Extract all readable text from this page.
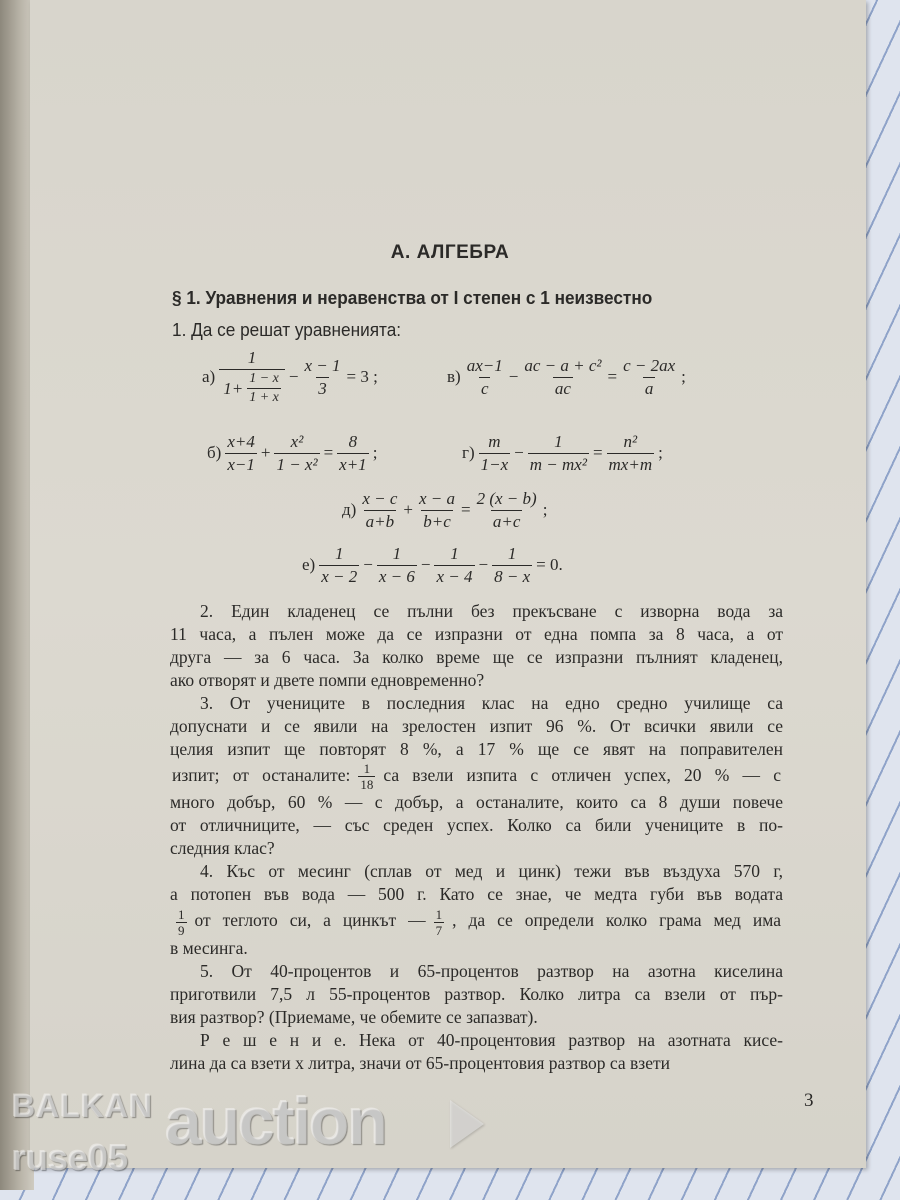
А. АЛГЕБРА
§ 1. Уравнения и неравенства от I степен с 1 неизвестно
1. Да се решат уравненията:
$a) \frac{1}{1+ \frac{1 - x}{1 + x}} - \frac{x - 1}{3} = 3$ ;	$в) \frac{ax-1}{c} - \frac{\text{ac − a + c²}}{ac} = \frac{c - 2ax}{a}$ ;
$б) \frac{x+4}{x-1} + \frac{\text{x²}}{\text{1 − x²}} = \frac{8}{x+1}$ ;	$г) \frac{m}{1-x} - \frac{1}{\text{m − mx²}} = \frac{\text{n²}}{mx+m}$ ;
$д) \frac{x - c}{a+b} + \frac{x - a}{b+c} = \frac{2 (x - b)}{a+c}$ ;
$е) \frac{1}{x - 2} - \frac{1}{x - 6} - \frac{1}{x - 4} - \frac{1}{8 - x} = 0$.
2. Един кладенец се пълни без прекъсване с изворна вода за
11 часа, а пълен може да се изпразни от една помпа за 8 часа, а от
друга — за 6 часа. За колко време ще се изпразни пълният кладенец,
ако отворят и двете помпи едновременно?
3. От учениците в последния клас на едно средно училище са
допуснати и се явили на зрелостен изпит 96 %. От всички явили се
целия изпит ще повторят 8 %, а 17 % ще се явят на поправителен
изпит; от останалите: $\frac{1}{18}$ са взели изпита с отличен успех, 20 % — с
много добър, 60 % — с добър, а останалите, които са 8 души повече
от отличниците, — със среден успех. Колко са били учениците в по-
следния клас?
4. Къс от месинг (сплав от мед и цинк) тежи във въздуха 570 г,
а потопен във вода — 500 г. Като се знае, че медта губи във водата
$\frac{1}{9}$ от теглото си, а цинкът — $\frac{1}{7}$ , да се определи колко грама мед има
в месинга.
5. От 40-процентов и 65-процентов разтвор на азотна киселина
приготвили 7,5 л 55-процентов разтвор. Колко литра са взели от пър-
вия разтвор? (Приемаме, че обемите се запазват).
Р е ш е н и е. Нека от 40-процентовия разтвор на азотната кисе-
лина да са взети x литра, значи от 65-процентовия разтвор са взети
3
BALKAN auction
ruse05
